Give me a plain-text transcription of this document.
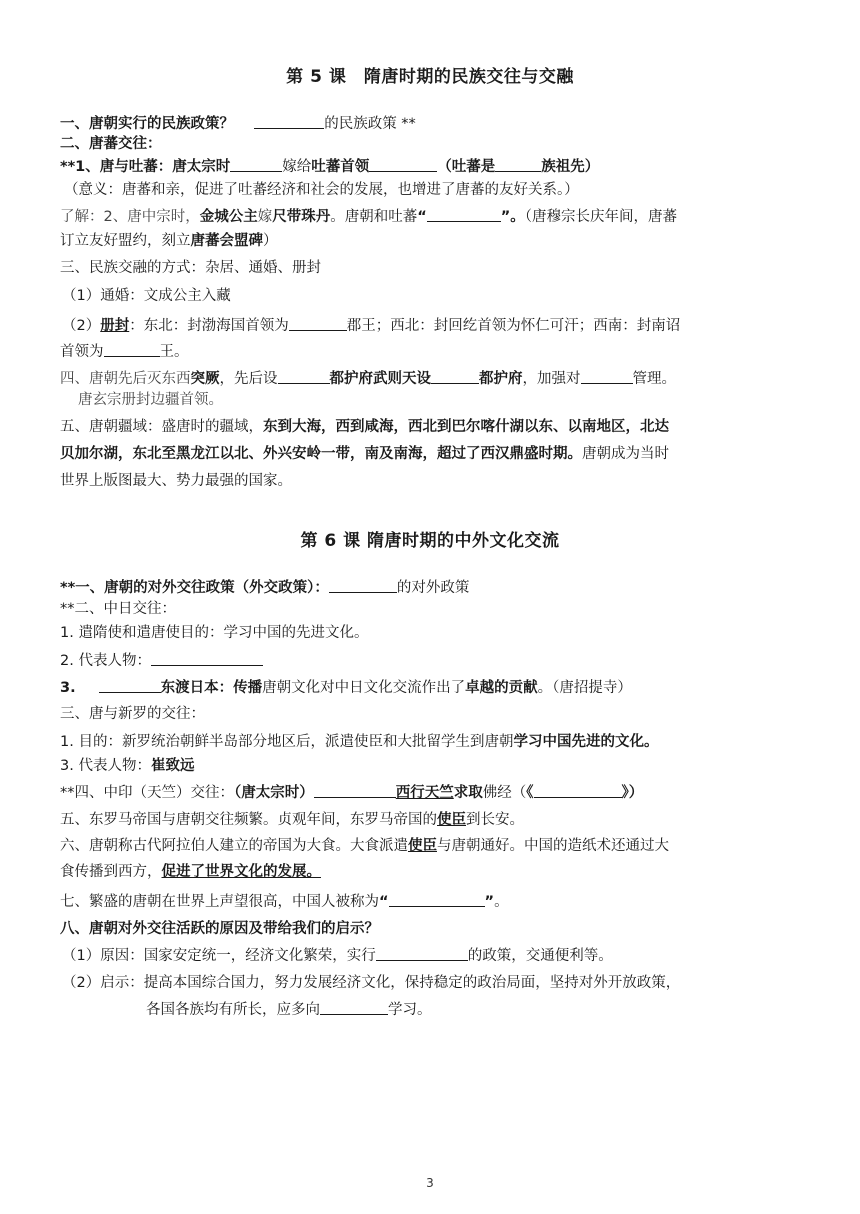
第 5 课　隋唐时期的民族交往与交融
一、唐朝实行的民族政策？	的民族政策 **
二、唐蕃交往：
**1、唐与吐蕃：唐太宗时	嫁给吐蕃首领	（吐蕃是	族祖先）
（意义：唐蕃和亲，促进了吐蕃经济和社会的发展，也增进了唐蕃的友好关系。）
了解：2、唐中宗时，金城公主嫁尺带珠丹。唐朝和吐蕃“	”。（唐穆宗长庆年间，唐蕃
订立友好盟约，刻立唐蕃会盟碑）
三、民族交融的方式：杂居、通婚、册封
（1）通婚：文成公主入藏
（2）册封：东北：封渤海国首领为	郡王；西北：封回纥首领为怀仁可汗；西南：封南诏
首领为	王。
四、唐朝先后灭东西突厥，先后设	都护府武则天设	都护府，加强对	管理。
唐玄宗册封边疆首领。
五、唐朝疆域：盛唐时的疆域，东到大海，西到咸海，西北到巴尔喀什湖以东、以南地区，北达
贝加尔湖，东北至黑龙江以北、外兴安岭一带，南及南海，超过了西汉鼎盛时期。唐朝成为当时
世界上版图最大、势力最强的国家。
第 6 课 隋唐时期的中外文化交流
**一、唐朝的对外交往政策（外交政策）：	的对外政策
**二、中日交往：
1. 遣隋使和遣唐使目的：学习中国的先进文化。
2. 代表人物：
3.	东渡日本：传播唐朝文化对中日文化交流作出了卓越的贡献。（唐招提寺）
三、唐与新罗的交往：
1. 目的：新罗统治朝鲜半岛部分地区后，派遣使臣和大批留学生到唐朝学习中国先进的文化。
3. 代表人物：崔致远
**四、中印（天竺）交往：（唐太宗时）	西行天竺求取佛经（《	》）
五、东罗马帝国与唐朝交往频繁。贞观年间，东罗马帝国的使臣到长安。
六、唐朝称古代阿拉伯人建立的帝国为大食。大食派遣使臣与唐朝通好。中国的造纸术还通过大
食传播到西方，促进了世界文化的发展。
七、繁盛的唐朝在世界上声望很高，中国人被称为“	”。
八、唐朝对外交往活跃的原因及带给我们的启示？
（1）原因：国家安定统一，经济文化繁荣，实行	的政策，交通便利等。
（2）启示：提高本国综合国力，努力发展经济文化，保持稳定的政治局面，坚持对外开放政策，
各国各族均有所长，应多向	学习。
3
